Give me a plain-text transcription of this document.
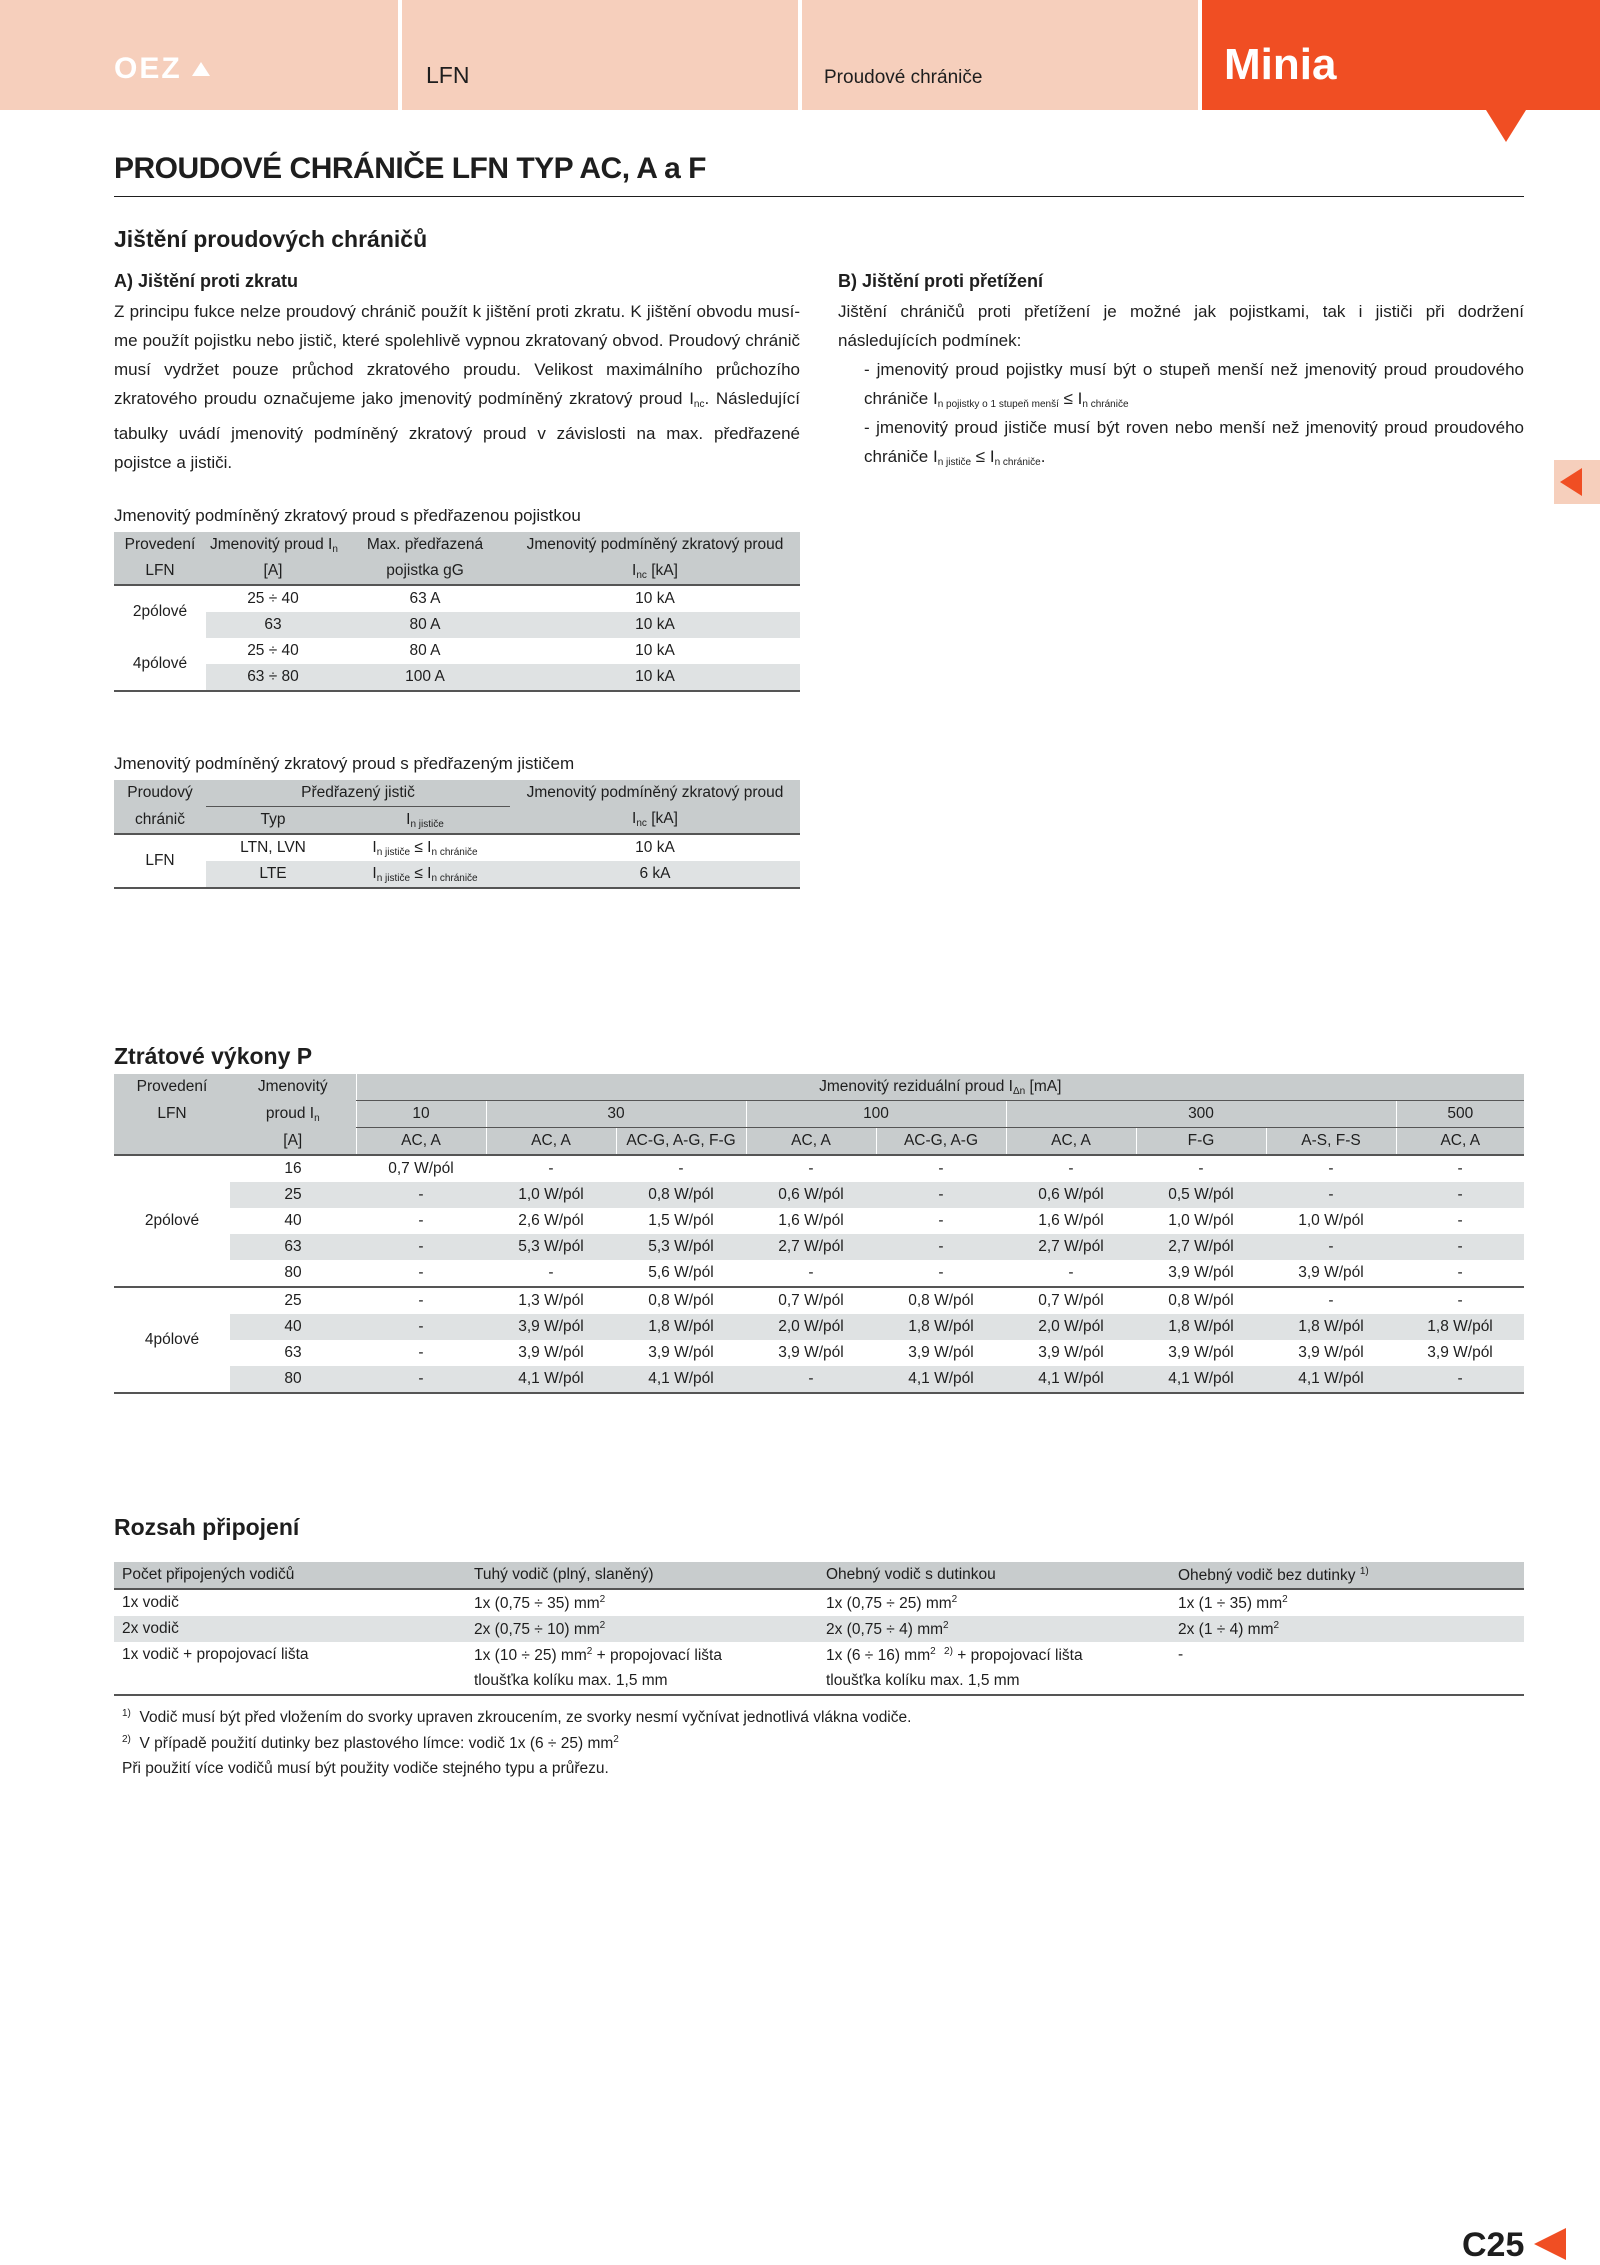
OEZ	LFN	Proudové chrániče	Minia
PROUDOVÉ CHRÁNIČE LFN TYP AC, A a F
Jištění proudových chráničů
A) Jištění proti zkratu
Z principu fukce nelze proudový chránič použít k jištění proti zkratu. K jištění obvodu musí-me použít pojistku nebo jistič, které spolehlivě vypnou zkratovaný obvod. Proudový chránič musí vydržet pouze průchod zkratového proudu. Velikost maximálního průchozího zkratového proudu označujeme jako jmenovitý podmíněný zkratový proud $I_{nc}$. Následující tabulky uvádí jmenovitý podmíněný zkratový proud v závislosti na max. předřazené pojistce a jističi.
B) Jištění proti přetížení
Jištění chráničů proti přetížení je možné jak pojistkami, tak i jističi při dodržení následujících podmínek:
- jmenovitý proud pojistky musí být o stupeň menší než jmenovitý proud proudového chrániče $I_{n pojistky o 1 stupeň menší} \le I_{n chrániče}$
- jmenovitý proud jističe musí být roven nebo menší než jmenovitý proud proudového chrániče $I_{n jističe} \le I_{n chrániče}$.
Jmenovitý podmíněný zkratový proud s předřazenou pojistkou
Provedení	Jmenovitý proud $I_n$	Max. předřazená	Jmenovitý podmíněný zkratový proud
LFN	[A]	pojistka gG	$I_{nc}$ [kA]
2pólové	25 ÷ 40	63 A	10 kA
	63	80 A	10 kA
4pólové	25 ÷ 40	80 A	10 kA
	63 ÷ 80	100 A	10 kA
Jmenovitý podmíněný zkratový proud s předřazeným jističem
Proudový	Předřazený jistič		Jmenovitý podmíněný zkratový proud
chránič	Typ	$I_{n jističe}$	$I_{nc}$ [kA]
LFN	LTN, LVN	$I_{n jističe} \le I_{n chrániče}$	10 kA
	LTE	$I_{n jističe} \le I_{n chrániče}$	6 kA
Ztrátové výkony P
Provedení	Jmenovitý	Jmenovitý reziduální proud $I_{\Delta n}$ [mA]								
LFN	proud $I_n$	10	30		100		300			500
	[A]	AC, A	AC, A	AC-G, A-G, F-G	AC, A	AC-G, A-G	AC, A	F-G	A-S, F-S	AC, A
2pólové	16	0,7 W/pól	-	-	-	-	-	-	-	-
	25	-	1,0 W/pól	0,8 W/pól	0,6 W/pól	-	0,6 W/pól	0,5 W/pól	-	-
	40	-	2,6 W/pól	1,5 W/pól	1,6 W/pól	-	1,6 W/pól	1,0 W/pól	1,0 W/pól	-
	63	-	5,3 W/pól	5,3 W/pól	2,7 W/pól	-	2,7 W/pól	2,7 W/pól	-	-
	80	-	-	5,6 W/pól	-	-	-	3,9 W/pól	3,9 W/pól	-
4pólové	25	-	1,3 W/pól	0,8 W/pól	0,7 W/pól	0,8 W/pól	0,7 W/pól	0,8 W/pól	-	-
	40	-	3,9 W/pól	1,8 W/pól	2,0 W/pól	1,8 W/pól	2,0 W/pól	1,8 W/pól	1,8 W/pól	1,8 W/pól
	63	-	3,9 W/pól	3,9 W/pól	3,9 W/pól	3,9 W/pól	3,9 W/pól	3,9 W/pól	3,9 W/pól	3,9 W/pól
	80	-	4,1 W/pól	4,1 W/pól	-	4,1 W/pól	4,1 W/pól	4,1 W/pól	4,1 W/pól	-
Rozsah připojení
Počet připojených vodičů	Tuhý vodič (plný, slaněný)	Ohebný vodič s dutinkou	Ohebný vodič bez dutinky $^{1)}$
1x vodič	1x (0,75 ÷ 35) $mm^2$	1x (0,75 ÷ 25) $mm^2$	1x (1 ÷ 35) $mm^2$
2x vodič	2x (0,75 ÷ 10) $mm^2$	2x (0,75 ÷ 4) $mm^2$	2x (1 ÷ 4) $mm^2$
1x vodič + propojovací lišta	1x (10 ÷ 25) $mm^2$ + propojovací lišta	1x (6 ÷ 16) $mm^{2 2)}$ + propojovací lišta	-
	tloušťka kolíku max. 1,5 mm	tloušťka kolíku max. 1,5 mm	
$^{1)}$ Vodič musí být před vložením do svorky upraven zkroucením, ze svorky nesmí vyčnívat jednotlivá vlákna vodiče.
$^{2)}$ V případě použití dutinky bez plastového límce: vodič 1x (6 ÷ 25) $mm^2$
Při použití více vodičů musí být použity vodiče stejného typu a průřezu.
C25
